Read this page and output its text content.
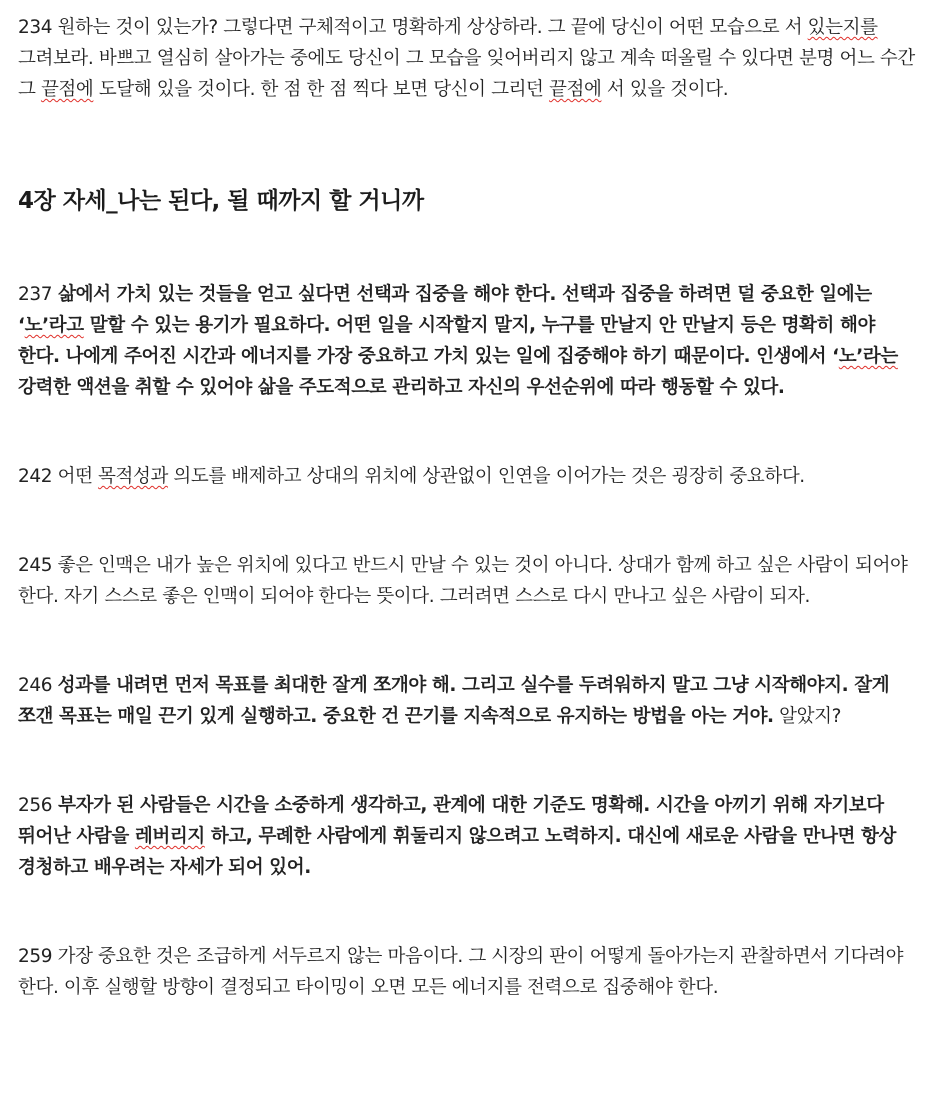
234 원하는 것이 있는가? 그렇다면 구체적이고 명확하게 상상하라. 그 끝에 당신이 어떤 모습으로 서 있는지를 그려보라. 바쁘고 열심히 살아가는 중에도 당신이 그 모습을 잊어버리지 않고 계속 떠올릴 수 있다면 분명 어느 수간 그 끝점에 도달해 있을 것이다. 한 점 한 점 찍다 보면 당신이 그리던 끝점에 서 있을 것이다.

4장 자세_나는 된다, 될 때까지 할 거니까

237 삶에서 가치 있는 것들을 얻고 싶다면 선택과 집중을 해야 한다. 선택과 집중을 하려면 덜 중요한 일에는 ‘노’라고 말할 수 있는 용기가 필요하다. 어떤 일을 시작할지 말지, 누구를 만날지 안 만날지 등은 명확히 해야 한다. 나에게 주어진 시간과 에너지를 가장 중요하고 가치 있는 일에 집중해야 하기 때문이다. 인생에서 ‘노’라는 강력한 액션을 취할 수 있어야 삶을 주도적으로 관리하고 자신의 우선순위에 따라 행동할 수 있다.

242 어떤 목적성과 의도를 배제하고 상대의 위치에 상관없이 인연을 이어가는 것은 굉장히 중요하다.

245 좋은 인맥은 내가 높은 위치에 있다고 반드시 만날 수 있는 것이 아니다. 상대가 함께 하고 싶은 사람이 되어야 한다. 자기 스스로 좋은 인맥이 되어야 한다는 뜻이다. 그러려면 스스로 다시 만나고 싶은 사람이 되자.

246 성과를 내려면 먼저 목표를 최대한 잘게 쪼개야 해. 그리고 실수를 두려워하지 말고 그냥 시작해야지. 잘게 쪼갠 목표는 매일 끈기 있게 실행하고. 중요한 건 끈기를 지속적으로 유지하는 방법을 아는 거야. 알았지?

256 부자가 된 사람들은 시간을 소중하게 생각하고, 관계에 대한 기준도 명확해. 시간을 아끼기 위해 자기보다 뛰어난 사람을 레버리지 하고, 무례한 사람에게 휘둘리지 않으려고 노력하지. 대신에 새로운 사람을 만나면 항상 경청하고 배우려는 자세가 되어 있어.

259 가장 중요한 것은 조급하게 서두르지 않는 마음이다. 그 시장의 판이 어떻게 돌아가는지 관찰하면서 기다려야 한다. 이후 실행할 방향이 결정되고 타이밍이 오면 모든 에너지를 전력으로 집중해야 한다.
